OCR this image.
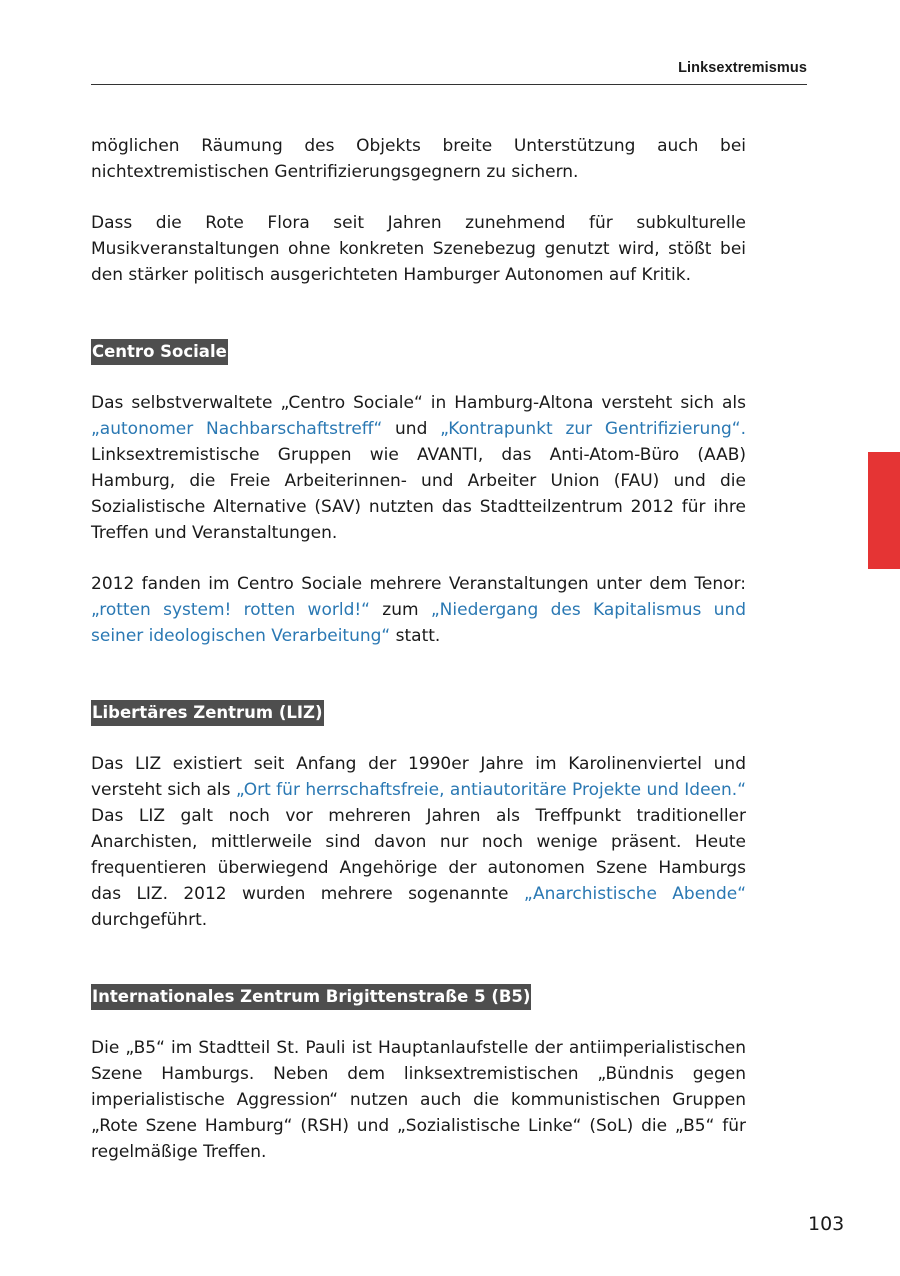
Linksextremismus

möglichen Räumung des Objekts breite Unterstützung auch bei nichtextremistischen Gentrifizierungsgegnern zu sichern.

Dass die Rote Flora seit Jahren zunehmend für subkulturelle Musikveranstaltungen ohne konkreten Szenebezug genutzt wird, stößt bei den stärker politisch ausgerichteten Hamburger Autonomen auf Kritik.

Centro Sociale

Das selbstverwaltete „Centro Sociale“ in Hamburg-Altona versteht sich als „autonomer Nachbarschaftstreff“ und „Kontrapunkt zur Gentrifizierung“. Linksextremistische Gruppen wie AVANTI, das Anti-Atom-Büro (AAB) Hamburg, die Freie Arbeiterinnen- und Arbeiter Union (FAU) und die Sozialistische Alternative (SAV) nutzten das Stadtteilzentrum 2012 für ihre Treffen und Veranstaltungen.

2012 fanden im Centro Sociale mehrere Veranstaltungen unter dem Tenor: „rotten system! rotten world!“ zum „Niedergang des Kapitalismus und seiner ideologischen Verarbeitung“ statt.

Libertäres Zentrum (LIZ)

Das LIZ existiert seit Anfang der 1990er Jahre im Karolinenviertel und versteht sich als „Ort für herrschaftsfreie, antiautoritäre Projekte und Ideen.“ Das LIZ galt noch vor mehreren Jahren als Treffpunkt traditioneller Anarchisten, mittlerweile sind davon nur noch wenige präsent. Heute frequentieren überwiegend Angehörige der autonomen Szene Hamburgs das LIZ. 2012 wurden mehrere sogenannte „Anarchistische Abende“ durchgeführt.

Internationales Zentrum Brigittenstraße 5 (B5)

Die „B5“ im Stadtteil St. Pauli ist Hauptanlaufstelle der antiimperialistischen Szene Hamburgs. Neben dem linksextremistischen „Bündnis gegen imperialistische Aggression“ nutzen auch die kommunistischen Gruppen „Rote Szene Hamburg“ (RSH) und „Sozialistische Linke“ (SoL) die „B5“ für regelmäßige Treffen.

103
